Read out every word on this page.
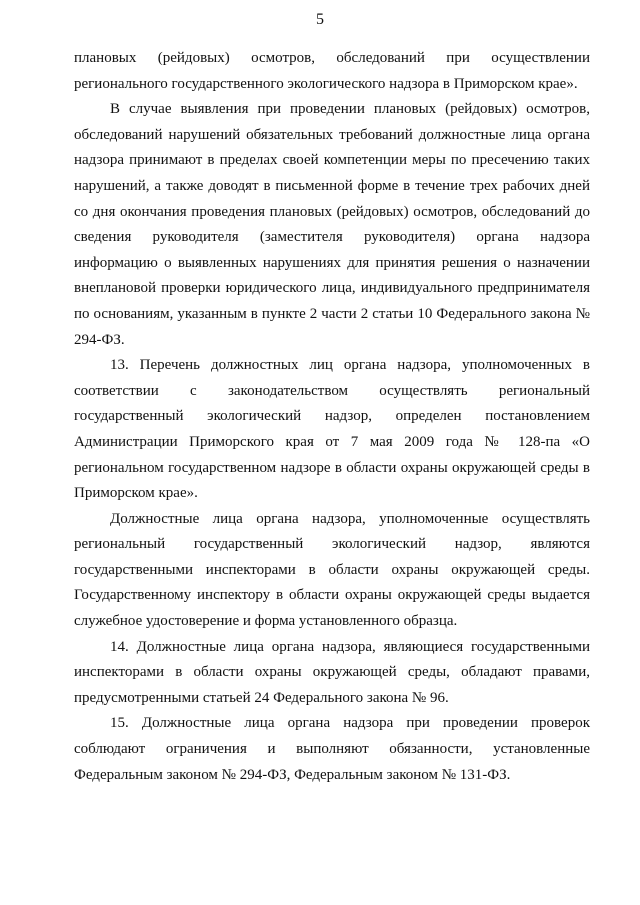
5

плановых (рейдовых) осмотров, обследований при осуществлении регионального государственного экологического надзора в Приморском крае».

В случае выявления при проведении плановых (рейдовых) осмотров, обследований нарушений обязательных требований должностные лица органа надзора принимают в пределах своей компетенции меры по пресечению таких нарушений, а также доводят в письменной форме в течение трех рабочих дней со дня окончания проведения плановых (рейдовых) осмотров, обследований до сведения руководителя (заместителя руководителя) органа надзора информацию о выявленных нарушениях для принятия решения о назначении внеплановой проверки юридического лица, индивидуального предпринимателя по основаниям, указанным в пункте 2 части 2 статьи 10 Федерального закона № 294-ФЗ.

13. Перечень должностных лиц органа надзора, уполномоченных в соответствии с законодательством осуществлять региональный государственный экологический надзор, определен постановлением Администрации Приморского края от 7 мая 2009 года № 128-па «О региональном государственном надзоре в области охраны окружающей среды в Приморском крае».

Должностные лица органа надзора, уполномоченные осуществлять региональный государственный экологический надзор, являются государственными инспекторами в области охраны окружающей среды. Государственному инспектору в области охраны окружающей среды выдается служебное удостоверение и форма установленного образца.

14. Должностные лица органа надзора, являющиеся государственными инспекторами в области охраны окружающей среды, обладают правами, предусмотренными статьей 24 Федерального закона № 96.

15. Должностные лица органа надзора при проведении проверок соблюдают ограничения и выполняют обязанности, установленные Федеральным законом № 294-ФЗ, Федеральным законом № 131-ФЗ.
